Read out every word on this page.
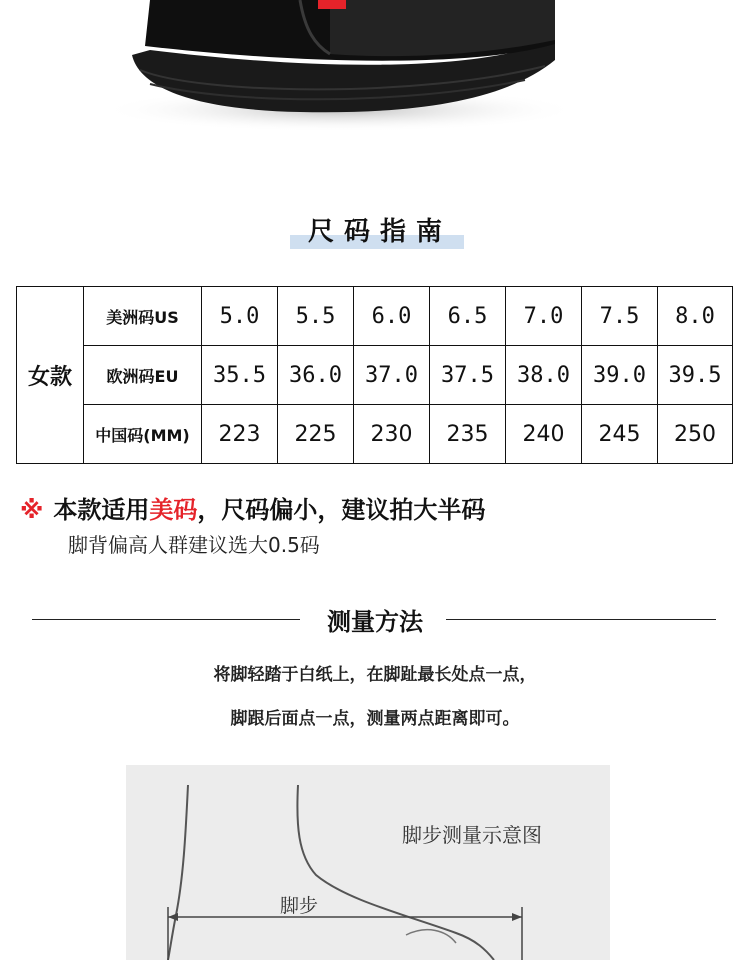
尺码指南
女款	美洲码US	5.0	5.5	6.0	6.5	7.0	7.5	8.0
	欧洲码EU	35.5	36.0	37.0	37.5	38.0	39.0	39.5
	中国码(MM)	223	225	230	235	240	245	250
※ 本款适用美码，尺码偏小，建议拍大半码
脚背偏高人群建议选大0.5码
测量方法
将脚轻踏于白纸上，在脚趾最长处点一点，
脚跟后面点一点，测量两点距离即可。
脚步测量示意图
脚步
